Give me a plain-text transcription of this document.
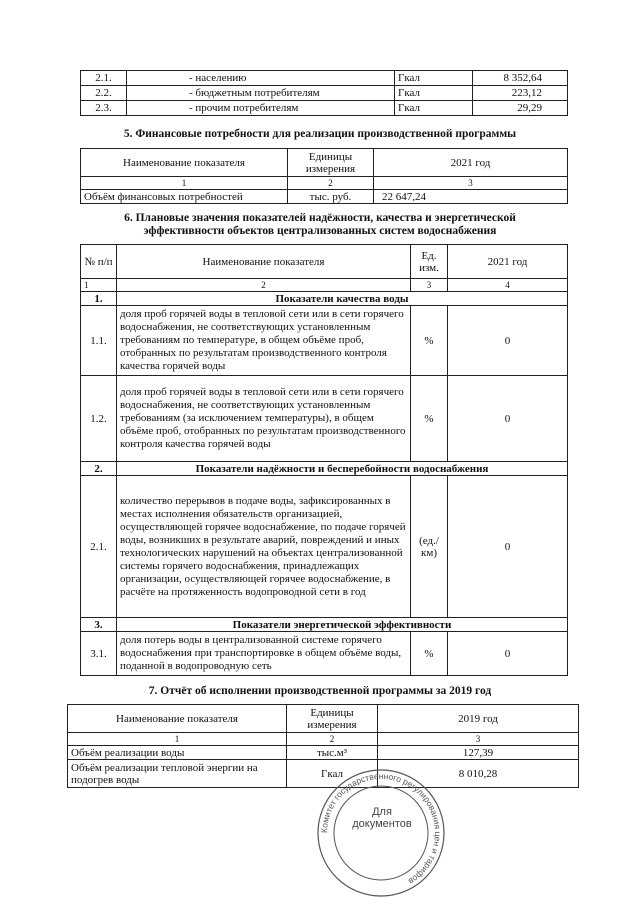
2.1.	- населению	Гкал	8 352,64
2.2.	- бюджетным потребителям	Гкал	223,12
2.3.	- прочим потребителям	Гкал	29,29
5. Финансовые потребности для реализации производственной программы
Наименование показателя	Единицы измерения	2021 год
1	2	3
Объём финансовых потребностей	тыс. руб.	22 647,24
6. Плановые значения показателей надёжности, качества и энергетической
эффективности объектов централизованных систем водоснабжения
№ п/п	Наименование показателя	Ед. изм.	2021 год
1	2	3	4
1.	Показатели качества воды		
1.1.	доля проб горячей воды в тепловой сети или в сети горячего водоснабжения, не соответствующих установленным требованиям по температуре, в общем объёме проб, отобранных по результатам производственного контроля качества горячей воды	%	0
1.2.	доля проб горячей воды в тепловой сети или в сети горячего водоснабжения, не соответствующих установленным требованиям (за исключением температуры), в общем объёме проб, отобранных по результатам производственного контроля качества горячей воды	%	0
2.	Показатели надёжности и бесперебойности водоснабжения		
2.1.	количество перерывов в подаче воды, зафиксированных в местах исполнения обязательств организацией, осуществляющей горячее водоснабжение, по подаче горячей воды, возникших в результате аварий, повреждений и иных технологических нарушений на объектах централизованной системы горячего водоснабжения, принадлежащих организации, осуществляющей горячее водоснабжение, в расчёте на протяженность водопроводной сети в год	(ед./км)	0
3.	Показатели энергетической эффективности		
3.1.	доля потерь воды в централизованной системе горячего водоснабжения при транспортировке в общем объёме воды, поданной в водопроводную сеть	%	0
7. Отчёт об исполнении производственной программы за 2019 год
Наименование показателя	Единицы измерения	2019 год
1	2	3
Объём реализации воды	тыс.м³	127,39
Объём реализации тепловой энергии на подогрев воды	Гкал	8 010,28
Комитет государственного регулирования цен и тарифов
Для
документов
